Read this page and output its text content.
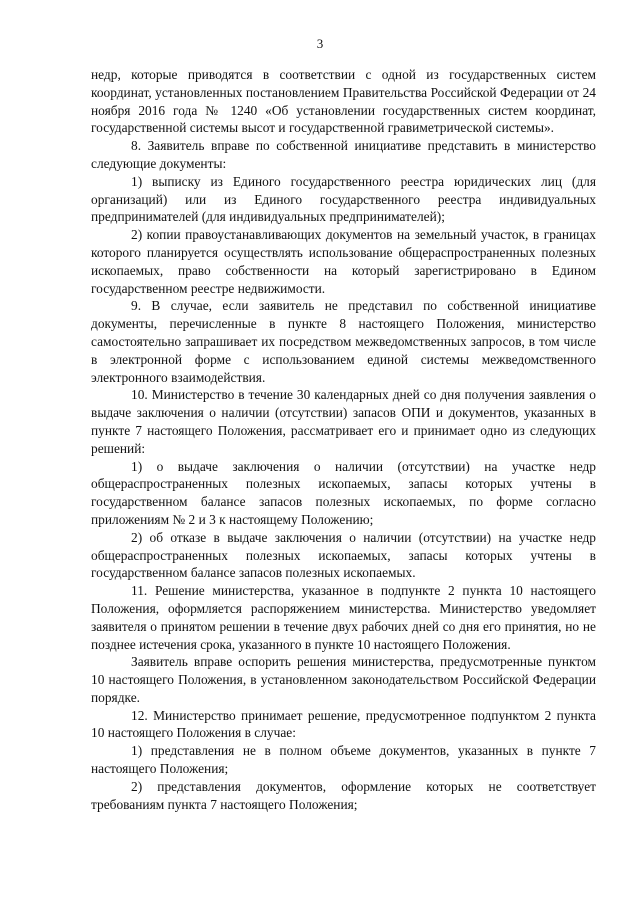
3

недр, которые приводятся в соответствии с одной из государственных систем координат, установленных постановлением Правительства Российской Федерации от 24 ноября 2016 года № 1240 «Об установлении государственных систем координат, государственной системы высот и государственной гравиметрической системы».

8. Заявитель вправе по собственной инициативе представить в министерство следующие документы:

1) выписку из Единого государственного реестра юридических лиц (для организаций) или из Единого государственного реестра индивидуальных предпринимателей (для индивидуальных предпринимателей);

2) копии правоустанавливающих документов на земельный участок, в границах которого планируется осуществлять использование общераспространенных полезных ископаемых, право собственности на который зарегистрировано в Едином государственном реестре недвижимости.

9. В случае, если заявитель не представил по собственной инициативе документы, перечисленные в пункте 8 настоящего Положения, министерство самостоятельно запрашивает их посредством межведомственных запросов, в том числе в электронной форме с использованием единой системы межведомственного электронного взаимодействия.

10. Министерство в течение 30 календарных дней со дня получения заявления о выдаче заключения о наличии (отсутствии) запасов ОПИ и документов, указанных в пункте 7 настоящего Положения, рассматривает его и принимает одно из следующих решений:

1) о выдаче заключения о наличии (отсутствии) на участке недр общераспространенных полезных ископаемых, запасы которых учтены в государственном балансе запасов полезных ископаемых, по форме согласно приложениям № 2 и 3 к настоящему Положению;

2) об отказе в выдаче заключения о наличии (отсутствии) на участке недр общераспространенных полезных ископаемых, запасы которых учтены в государственном балансе запасов полезных ископаемых.

11. Решение министерства, указанное в подпункте 2 пункта 10 настоящего Положения, оформляется распоряжением министерства. Министерство уведомляет заявителя о принятом решении в течение двух рабочих дней со дня его принятия, но не позднее истечения срока, указанного в пункте 10 настоящего Положения.

Заявитель вправе оспорить решения министерства, предусмотренные пунктом 10 настоящего Положения, в установленном законодательством Российской Федерации порядке.

12. Министерство принимает решение, предусмотренное подпунктом 2 пункта 10 настоящего Положения в случае:

1) представления не в полном объеме документов, указанных в пункте 7 настоящего Положения;

2) представления документов, оформление которых не соответствует требованиям пункта 7 настоящего Положения;
